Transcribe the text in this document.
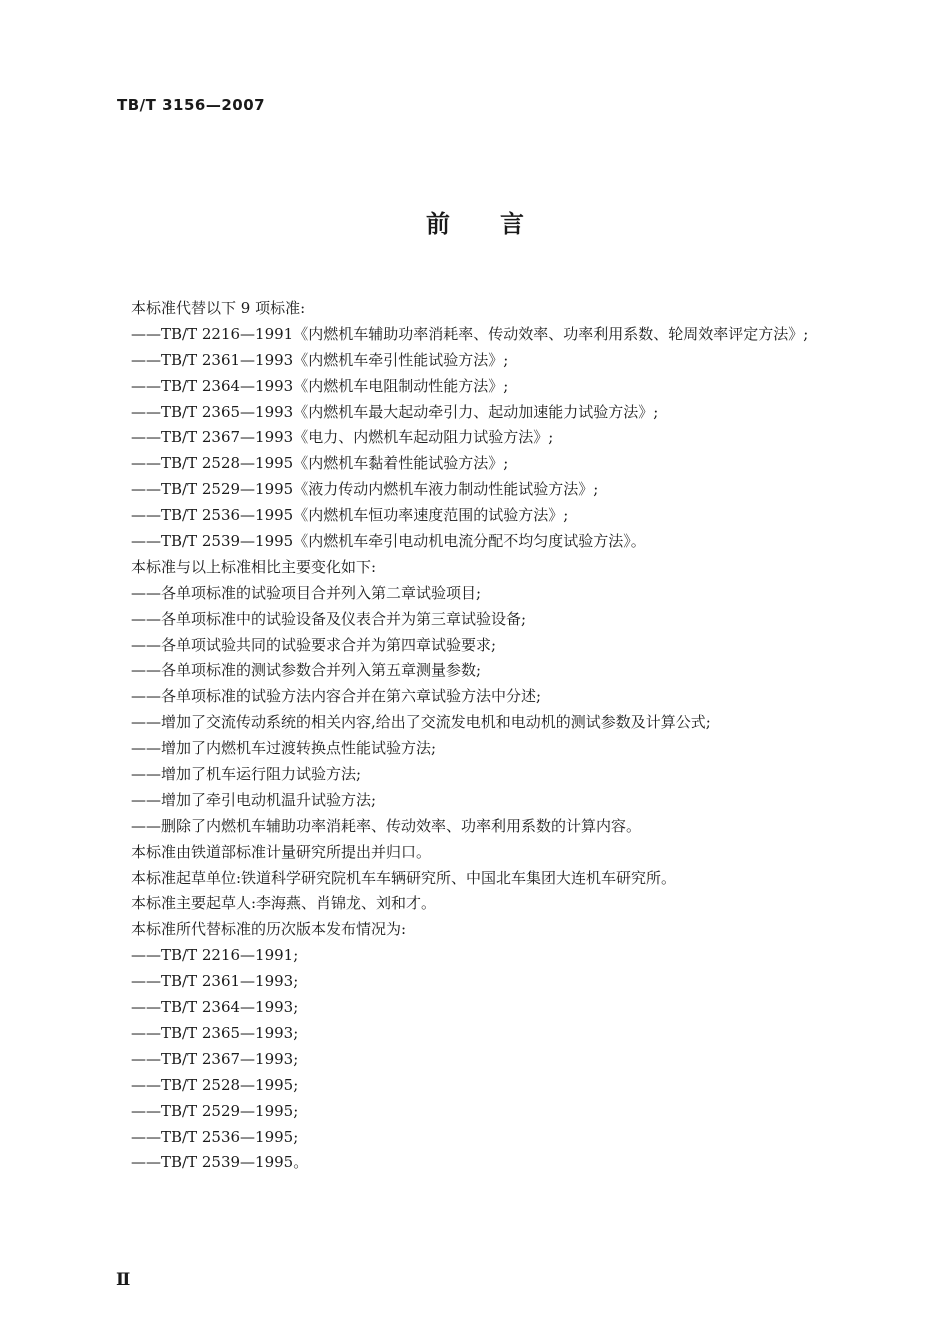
TB/T 3156—2007
前言
本标准代替以下 9 项标准:
——TB/T 2216—1991《内燃机车辅助功率消耗率、传动效率、功率利用系数、轮周效率评定方法》;
——TB/T 2361—1993《内燃机车牵引性能试验方法》;
——TB/T 2364—1993《内燃机车电阻制动性能方法》;
——TB/T 2365—1993《内燃机车最大起动牵引力、起动加速能力试验方法》;
——TB/T 2367—1993《电力、内燃机车起动阻力试验方法》;
——TB/T 2528—1995《内燃机车黏着性能试验方法》;
——TB/T 2529—1995《液力传动内燃机车液力制动性能试验方法》;
——TB/T 2536—1995《内燃机车恒功率速度范围的试验方法》;
——TB/T 2539—1995《内燃机车牵引电动机电流分配不均匀度试验方法》。
本标准与以上标准相比主要变化如下:
——各单项标准的试验项目合并列入第二章试验项目;
——各单项标准中的试验设备及仪表合并为第三章试验设备;
——各单项试验共同的试验要求合并为第四章试验要求;
——各单项标准的测试参数合并列入第五章测量参数;
——各单项标准的试验方法内容合并在第六章试验方法中分述;
——增加了交流传动系统的相关内容,给出了交流发电机和电动机的测试参数及计算公式;
——增加了内燃机车过渡转换点性能试验方法;
——增加了机车运行阻力试验方法;
——增加了牵引电动机温升试验方法;
——删除了内燃机车辅助功率消耗率、传动效率、功率利用系数的计算内容。
本标准由铁道部标准计量研究所提出并归口。
本标准起草单位:铁道科学研究院机车车辆研究所、中国北车集团大连机车研究所。
本标准主要起草人:李海燕、肖锦龙、刘和才。
本标准所代替标准的历次版本发布情况为:
——TB/T 2216—1991;
——TB/T 2361—1993;
——TB/T 2364—1993;
——TB/T 2365—1993;
——TB/T 2367—1993;
——TB/T 2528—1995;
——TB/T 2529—1995;
——TB/T 2536—1995;
——TB/T 2539—1995。
Ⅱ
